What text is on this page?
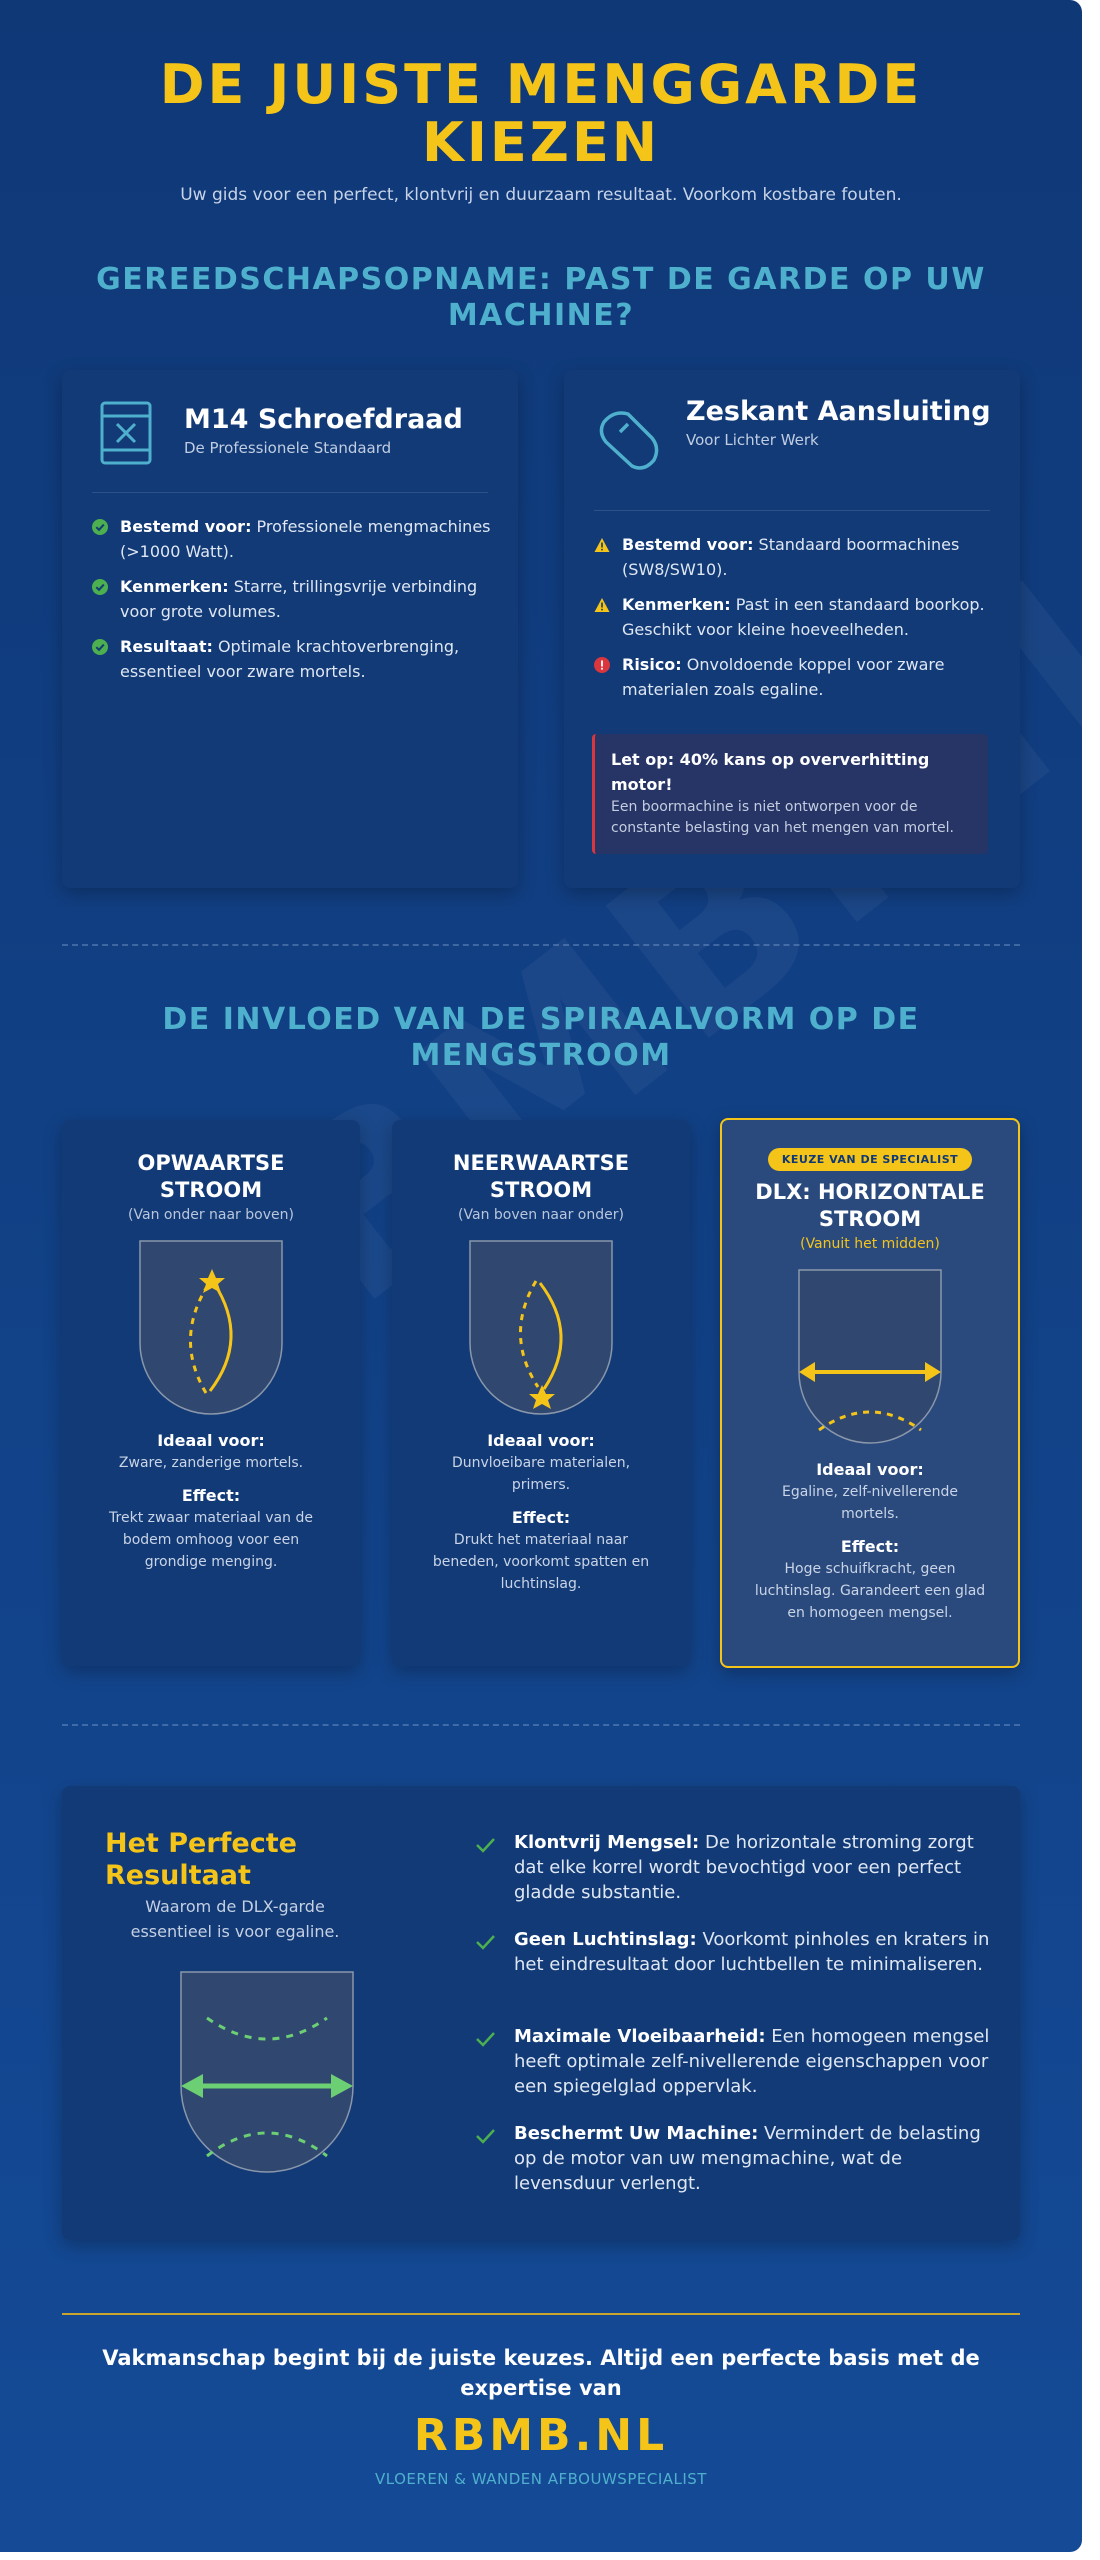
DE JUISTE MENGGARDE KIEZEN

Uw gids voor een perfect, klontvrij en duurzaam resultaat. Voorkom kostbare fouten.

GEREEDSCHAPSOPNAME: PAST DE GARDE OP UW MACHINE?
M14 Schroefdraad
De Professionele Standaard
Bestemd voor: Professionele mengmachines (>1000 Watt).
Kenmerken: Starre, trillingsvrije verbinding voor grote volumes.
Resultaat: Optimale krachtoverbrenging, essentieel voor zware mortels.
Zeskant Aansluiting
Voor Lichter Werk
Bestemd voor: Standaard boormachines (SW8/SW10).
Kenmerken: Past in een standaard boorkop. Geschikt voor kleine hoeveelheden.
Risico: Onvoldoende koppel voor zware materialen zoals egaline.
Let op: 40% kans op oververhitting motor!
Een boormachine is niet ontworpen voor de constante belasting van het mengen van mortel.
DE INVLOED VAN DE SPIRAALVORM OP DE MENGSTROOM
OPWAARTSE STROOM
(Van onder naar boven)
Ideaal voor:
Zware, zanderige mortels.
Effect:
Trekt zwaar materiaal van de bodem omhoog voor een grondige menging.
NEERWAARTSE STROOM
(Van boven naar onder)
Ideaal voor:
Dunvloeibare materialen, primers.
Effect:
Drukt het materiaal naar beneden, voorkomt spatten en luchtinslag.
KEUZE VAN DE SPECIALIST
DLX: HORIZONTALE STROOM
(Vanuit het midden)
Ideaal voor:
Egaline, zelf-nivellerende mortels.
Effect:
Hoge schuifkracht, geen luchtinslag. Garandeert een glad en homogeen mengsel.
Het Perfecte Resultaat
Waarom de DLX-garde essentieel is voor egaline.
Klontvrij Mengsel: De horizontale stroming zorgt dat elke korrel wordt bevochtigd voor een perfect gladde substantie.
Geen Luchtinslag: Voorkomt pinholes en kraters in het eindresultaat door luchtbellen te minimaliseren.
Maximale Vloeibaarheid: Een homogeen mengsel heeft optimale zelf-nivellerende eigenschappen voor een spiegelglad oppervlak.
Beschermt Uw Machine: Vermindert de belasting op de motor van uw mengmachine, wat de levensduur verlengt.
Vakmanschap begint bij de juiste keuzes. Altijd een perfecte basis met de expertise van
RBMB.NL
VLOEREN & WANDEN AFBOUWSPECIALIST
